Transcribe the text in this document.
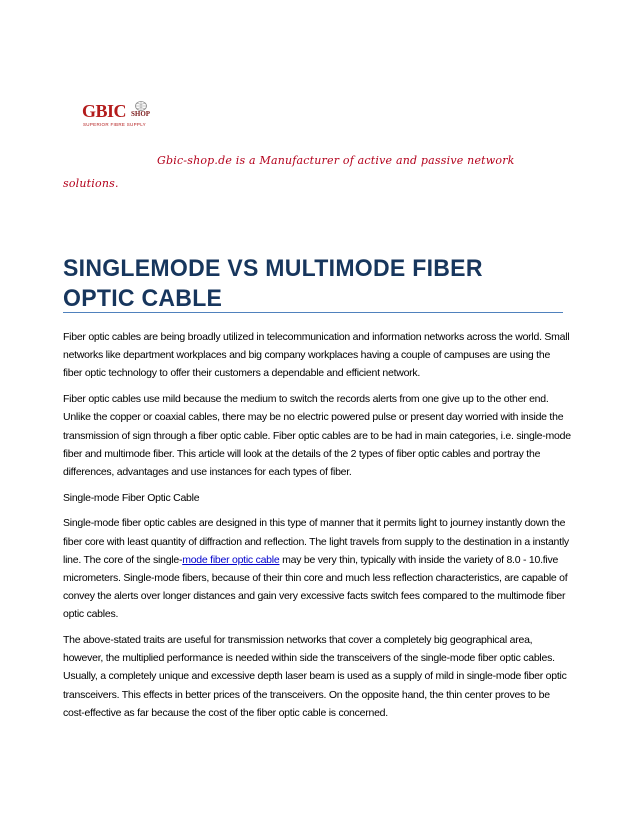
GBIC SHOP
SUPERIOR FIBRE SUPPLY

Gbic-shop.de is a Manufacturer of active and passive network solutions.

SINGLEMODE VS MULTIMODE FIBER OPTIC CABLE

Fiber optic cables are being broadly utilized in telecommunication and information networks across the world. Small networks like department workplaces and big company workplaces having a couple of campuses are using the fiber optic technology to offer their customers a dependable and efficient network.

Fiber optic cables use mild because the medium to switch the records alerts from one give up to the other end. Unlike the copper or coaxial cables, there may be no electric powered pulse or present day worried with inside the transmission of sign through a fiber optic cable. Fiber optic cables are to be had in main categories, i.e. single-mode fiber and multimode fiber. This article will look at the details of the 2 types of fiber optic cables and portray the differences, advantages and use instances for each types of fiber.

Single-mode Fiber Optic Cable

Single-mode fiber optic cables are designed in this type of manner that it permits light to journey instantly down the fiber core with least quantity of diffraction and reflection. The light travels from supply to the destination in a instantly line. The core of the single-mode fiber optic cable may be very thin, typically with inside the variety of 8.0 - 10.five micrometers. Single-mode fibers, because of their thin core and much less reflection characteristics, are capable of convey the alerts over longer distances and gain very excessive facts switch fees compared to the multimode fiber optic cables.

The above-stated traits are useful for transmission networks that cover a completely big geographical area, however, the multiplied performance is needed within side the transceivers of the single-mode fiber optic cables. Usually, a completely unique and excessive depth laser beam is used as a supply of mild in single-mode fiber optic transceivers. This effects in better prices of the transceivers. On the opposite hand, the thin center proves to be cost-effective as far because the cost of the fiber optic cable is concerned.
